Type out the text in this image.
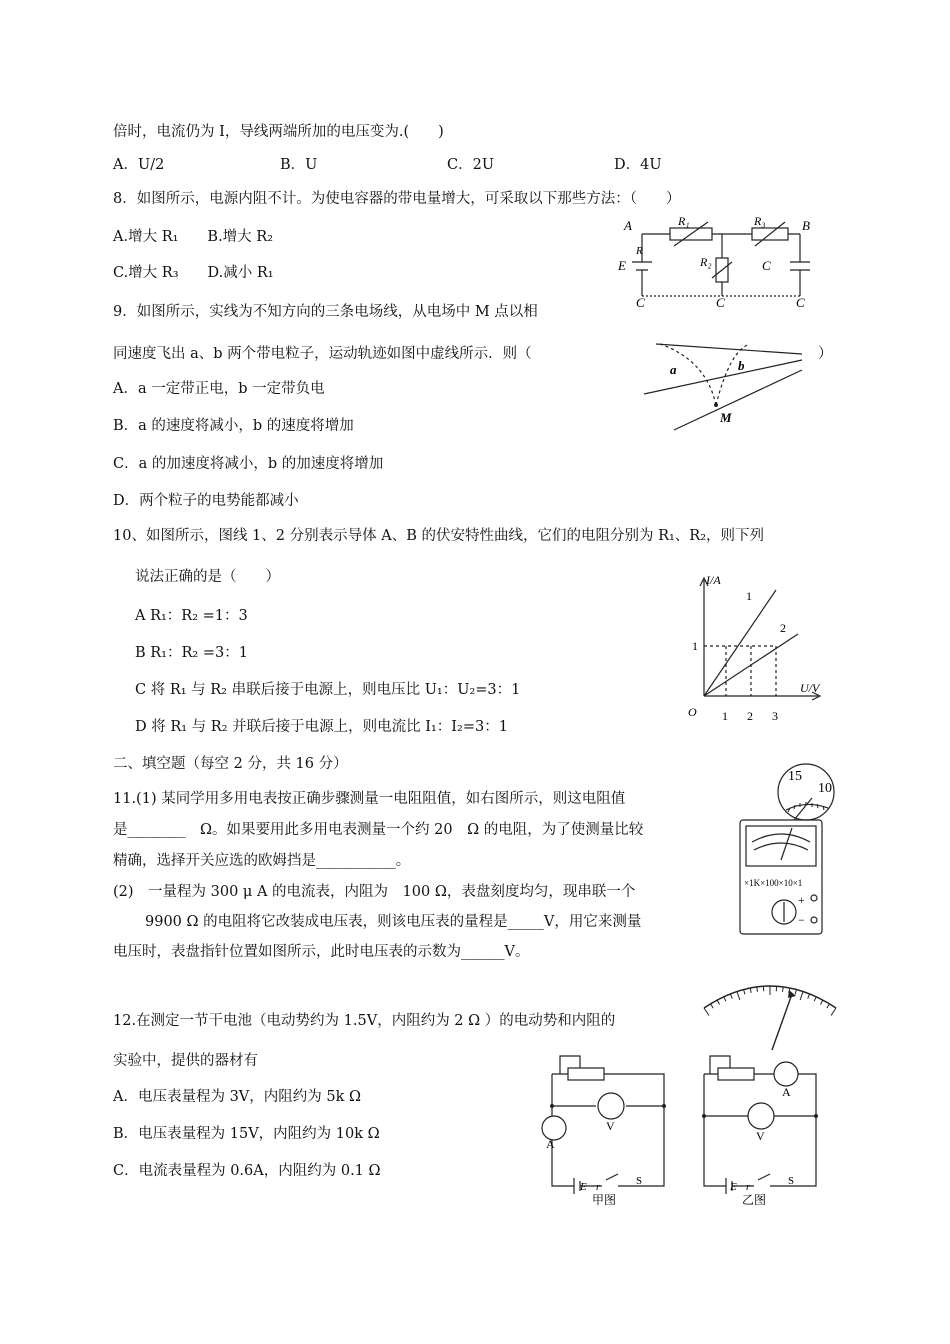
倍时，电流仍为 I，导线两端所加的电压变为.(　　)
A．U/2	B．U	C．2U	D．4U
8．如图所示，电源内阻不计。为使电容器的带电量增大，可采取以下那些方法：（　　）
A.增大 R₁　　B.增大 R₂
C.增大 R₃　　D.减小 R₁
A	B
R₁	R₃
R₂
R
E	C
C	C	C
9．如图所示，实线为不知方向的三条电场线，从电场中 M 点以相
同速度飞出 a、b 两个带电粒子，运动轨迹如图中虚线所示．则（	）
A．a 一定带正电，b 一定带负电
B．a 的速度将减小，b 的速度将增加
C．a 的加速度将减小，b 的加速度将增加
D．两个粒子的电势能都减小
a	b
M
10、如图所示，图线 1、2 分别表示导体 A、B 的伏安特性曲线，它们的电阻分别为 R₁、R₂，则下列
说法正确的是（　　）
A R₁：R₂ =1：3
B R₁：R₂ =3：1
C 将 R₁ 与 R₂ 串联后接于电源上，则电压比 U₁：U₂=3：1
D 将 R₁ 与 R₂ 并联后接于电源上，则电流比 I₁：I₂=3：1
I/A
U/V
O
1
2
1
1 2 3
二、填空题（每空 2 分，共 16 分）
11.(1) 某同学用多用电表按正确步骤测量一电阻阻值，如右图所示，则这电阻值
是________　Ω。如果要用此多用电表测量一个约 20　Ω 的电阻，为了使测量比较
精确，选择开关应选的欧姆挡是___________。
(2)　一量程为 300 μ A 的电流表，内阻为　100 Ω，表盘刻度均匀，现串联一个
9900 Ω 的电阻将它改装成电压表，则该电压表的量程是_____V，用它来测量
电压时，表盘指针位置如图所示，此时电压表的示数为______V。
15
10
×1K×100×10×1
+
−
12.在测定一节干电池（电动势约为 1.5V，内阻约为 2 Ω ）的电动势和内阻的
实验中，提供的器材有
A．电压表量程为 3V，内阻约为 5k Ω
B．电压表量程为 15V，内阻约为 10k Ω
C．电流表量程为 0.6A，内阻约为 0.1 Ω
A
V
S
E r
甲图
A
V
S
E r
乙图
